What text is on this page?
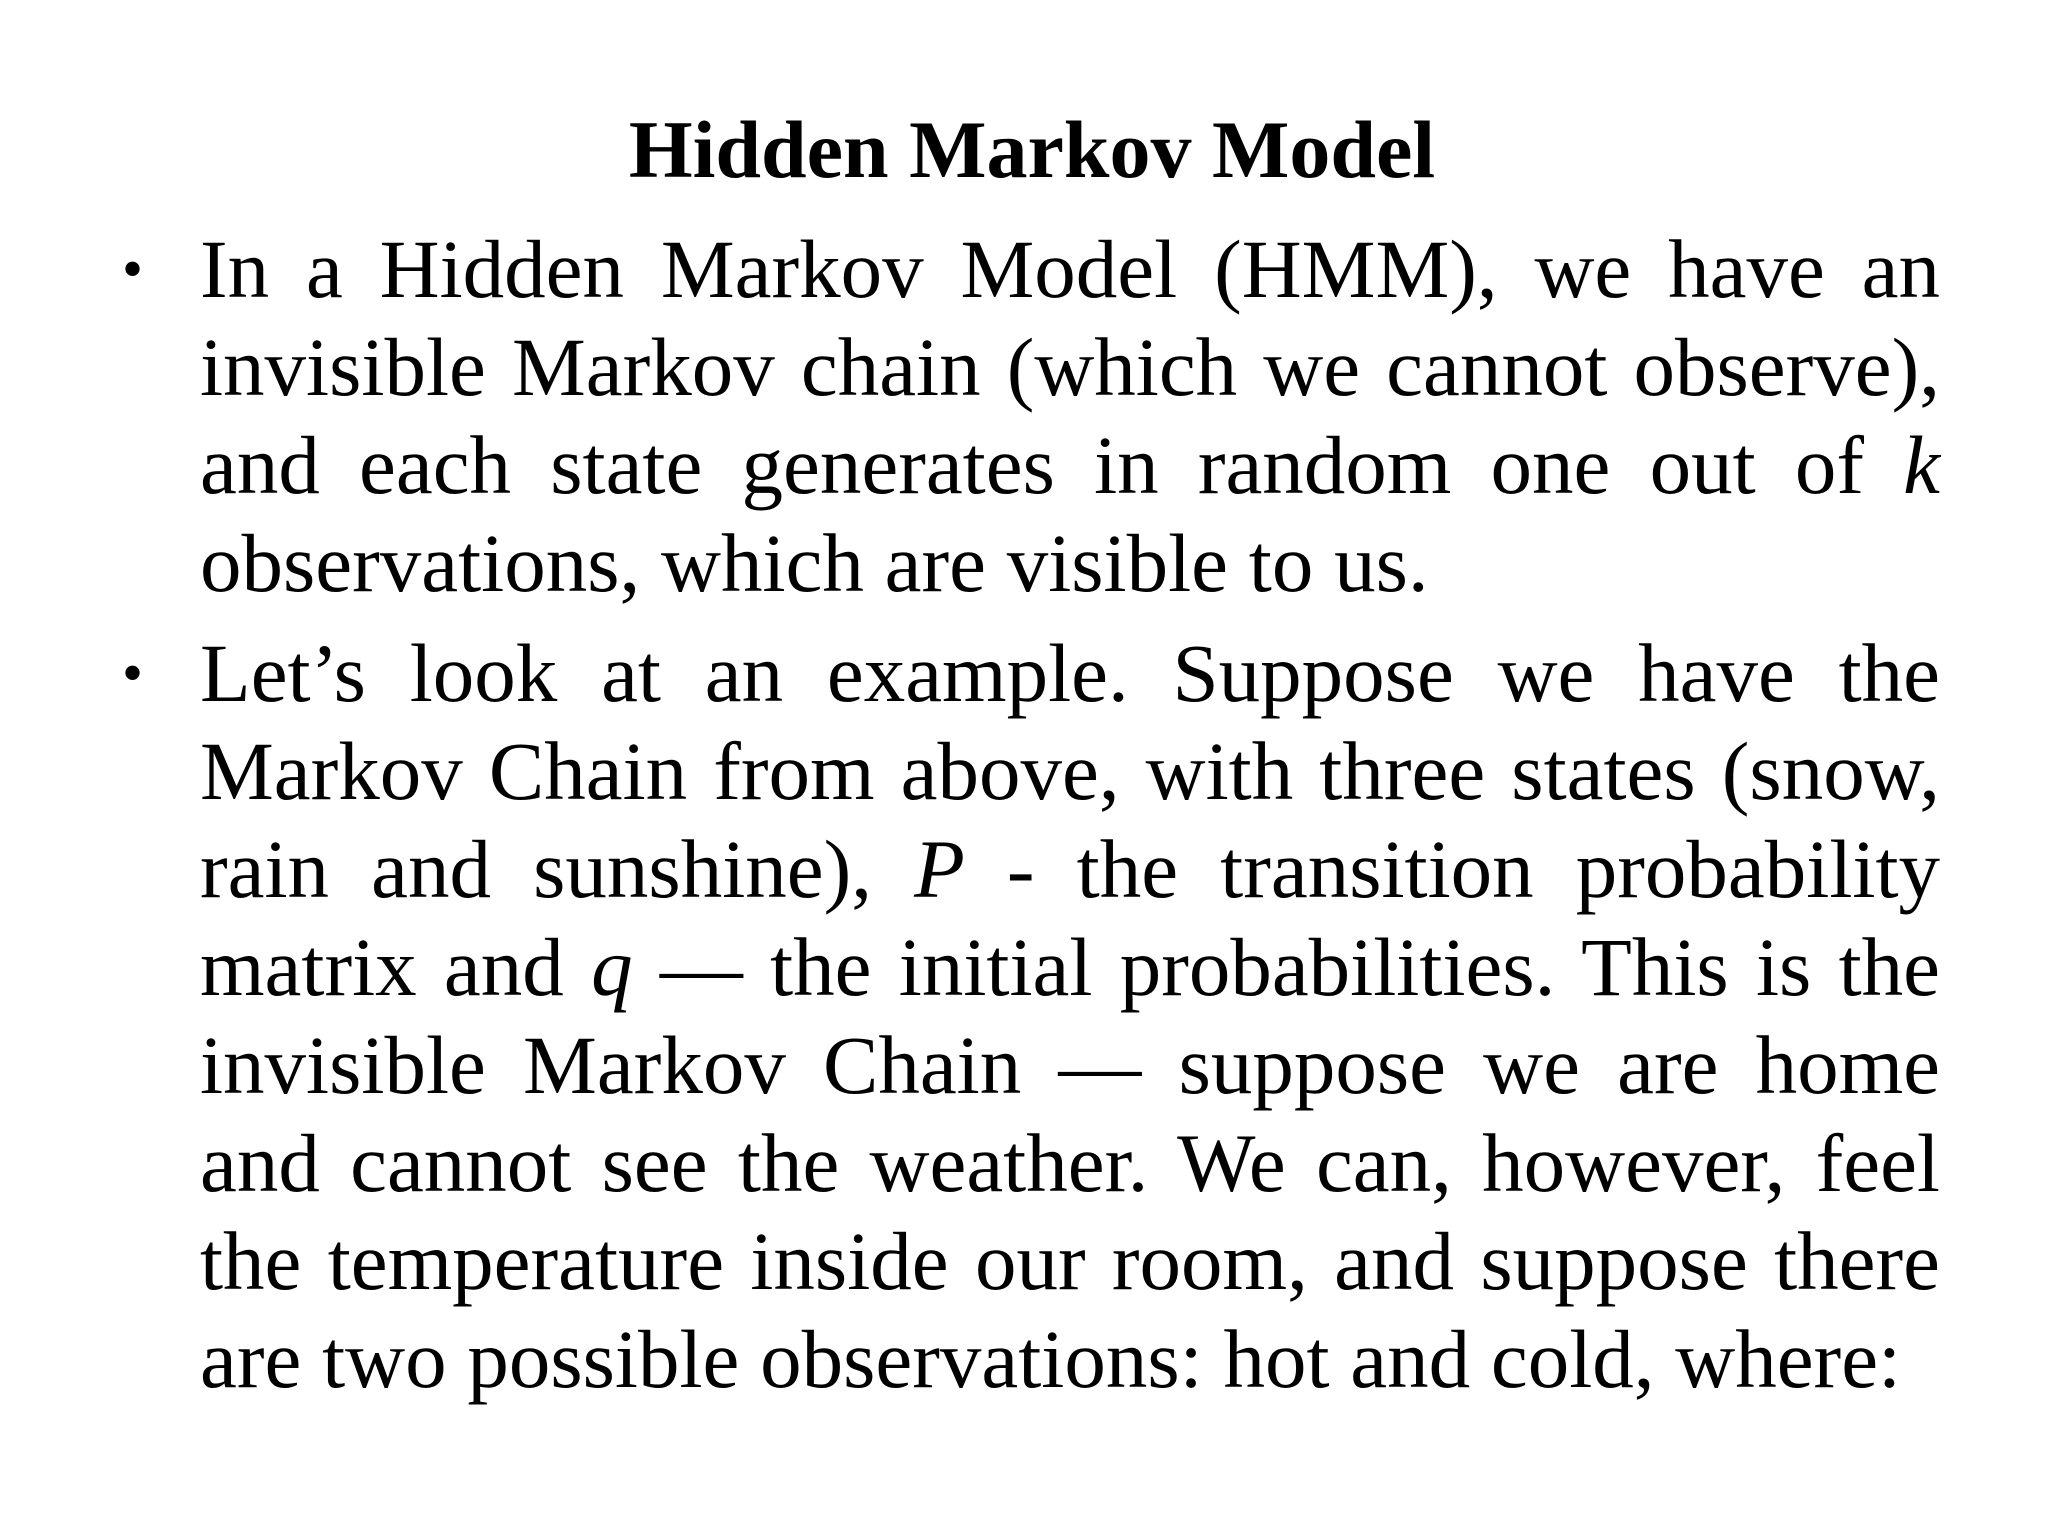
Hidden Markov Model
• In a Hidden Markov Model (HMM), we have an invisible Markov chain (which we cannot observe), and each state generates in random one out of k observations, which are visible to us.
• Let’s look at an example. Suppose we have the Markov Chain from above, with three states (snow, rain and sunshine), P - the transition probability matrix and q — the initial probabilities. This is the invisible Markov Chain — suppose we are home and cannot see the weather. We can, however, feel the temperature inside our room, and suppose there are two possible observations: hot and cold, where:
